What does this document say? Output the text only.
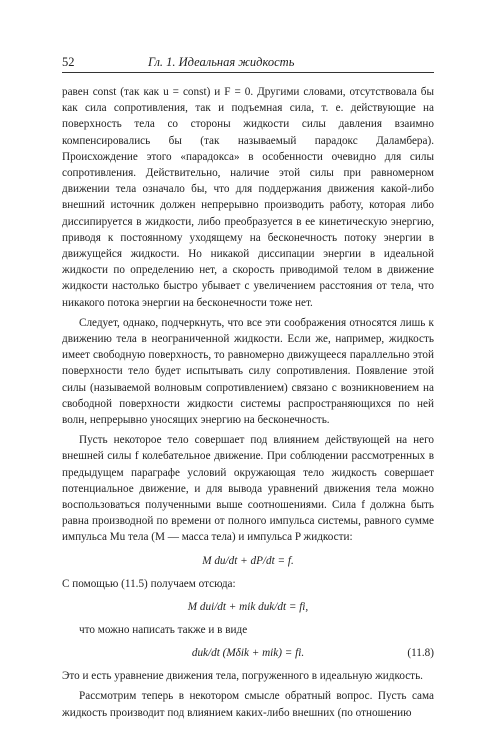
52	Гл. 1. Идеальная жидкость

равен const (так как u = const) и F = 0. Другими словами, отсутствовала бы как сила сопротивления, так и подъемная сила, т. е. действующие на поверхность тела со стороны жидкости силы давления взаимно компенсировались бы (так называемый парадокс Даламбера). Происхождение этого «парадокса» в особенности очевидно для силы сопротивления. Действительно, наличие этой силы при равномерном движении тела означало бы, что для поддержания движения какой-либо внешний источник должен непрерывно производить работу, которая либо диссипируется в жидкости, либо преобразуется в ее кинетическую энергию, приводя к постоянному уходящему на бесконечность потоку энергии в движущейся жидкости. Но никакой диссипации энергии в идеальной жидкости по определению нет, а скорость приводимой телом в движение жидкости настолько быстро убывает с увеличением расстояния от тела, что никакого потока энергии на бесконечности тоже нет.

Следует, однако, подчеркнуть, что все эти соображения относятся лишь к движению тела в неограниченной жидкости. Если же, например, жидкость имеет свободную поверхность, то равномерно движущееся параллельно этой поверхности тело будет испытывать силу сопротивления. Появление этой силы (называемой волновым сопротивлением) связано с возникновением на свободной поверхности жидкости системы распространяющихся по ней волн, непрерывно уносящих энергию на бесконечность.

Пусть некоторое тело совершает под влиянием действующей на него внешней силы f колебательное движение. При соблюдении рассмотренных в предыдущем параграфе условий окружающая тело жидкость совершает потенциальное движение, и для вывода уравнений движения тела можно воспользоваться полученными выше соотношениями. Сила f должна быть равна производной по времени от полного импульса системы, равного сумме импульса Mu тела (M — масса тела) и импульса P жидкости:

M du/dt + dP/dt = f.

С помощью (11.5) получаем отсюда:

M dui/dt + mik duk/dt = fi,

что можно написать также и в виде

duk/dt (Mδik + mik) = fi.	(11.8)

Это и есть уравнение движения тела, погруженного в идеальную жидкость.

Рассмотрим теперь в некотором смысле обратный вопрос. Пусть сама жидкость производит под влиянием каких-либо внешних (по отношению
